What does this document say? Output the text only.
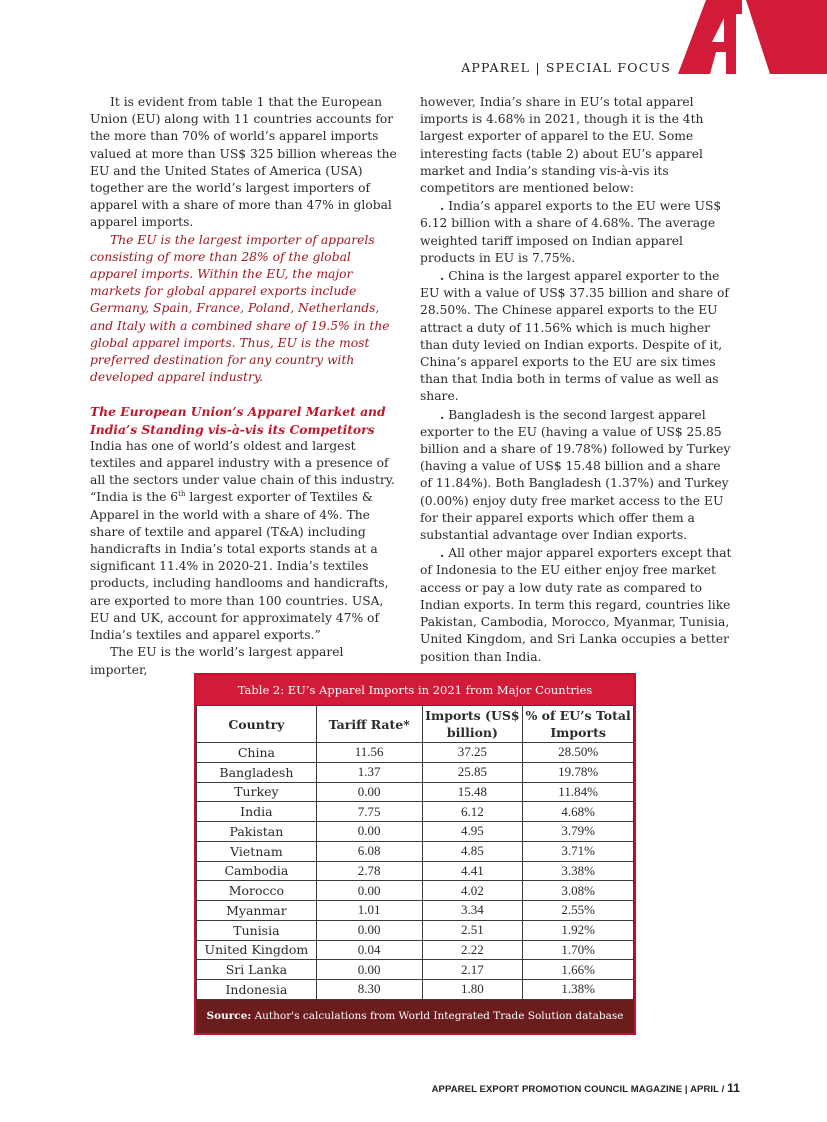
APPAREL | SPECIAL FOCUS

It is evident from table 1 that the European Union (EU) along with 11 countries accounts for the more than 70% of world’s apparel imports valued at more than US$ 325 billion whereas the EU and the United States of America (USA) together are the world’s largest importers of apparel with a share of more than 47% in global apparel imports.

The EU is the largest importer of apparels consisting of more than 28% of the global apparel imports. Within the EU, the major markets for global apparel exports include Germany, Spain, France, Poland, Netherlands, and Italy with a combined share of 19.5% in the global apparel imports. Thus, EU is the most preferred destination for any country with developed apparel industry.

The European Union’s Apparel Market and India’s Standing vis-à-vis its Competitors

India has one of world’s oldest and largest textiles and apparel industry with a presence of all the sectors under value chain of this industry. “India is the 6th largest exporter of Textiles & Apparel in the world with a share of 4%. The share of textile and apparel (T&A) including handicrafts in India’s total exports stands at a significant 11.4% in 2020-21. India’s textiles products, including handlooms and handicrafts, are exported to more than 100 countries. USA, EU and UK, account for approximately 47% of India’s textiles and apparel exports.”

The EU is the world’s largest apparel importer,

however, India’s share in EU’s total apparel imports is 4.68% in 2021, though it is the 4th largest exporter of apparel to the EU. Some interesting facts (table 2) about EU’s apparel market and India’s standing vis-à-vis its competitors are mentioned below:

. India’s apparel exports to the EU were US$ 6.12 billion with a share of 4.68%. The average weighted tariff imposed on Indian apparel products in EU is 7.75%.

. China is the largest apparel exporter to the EU with a value of US$ 37.35 billion and share of 28.50%. The Chinese apparel exports to the EU attract a duty of 11.56% which is much higher than duty levied on Indian exports. Despite of it, China’s apparel exports to the EU are six times than that India both in terms of value as well as share.

. Bangladesh is the second largest apparel exporter to the EU (having a value of US$ 25.85 billion and a share of 19.78%) followed by Turkey (having a value of US$ 15.48 billion and a share of 11.84%). Both Bangladesh (1.37%) and Turkey (0.00%) enjoy duty free market access to the EU for their apparel exports which offer them a substantial advantage over Indian exports.

. All other major apparel exporters except that of Indonesia to the EU either enjoy free market access or pay a low duty rate as compared to Indian exports. In term this regard, countries like Pakistan, Cambodia, Morocco, Myanmar, Tunisia, United Kingdom, and Sri Lanka occupies a better position than India.

Table 2: EU’s Apparel Imports in 2021 from Major Countries
Country	Tariff Rate*	Imports (US$ billion)	% of EU’s Total Imports
China	11.56	37.25	28.50%
Bangladesh	1.37	25.85	19.78%
Turkey	0.00	15.48	11.84%
India	7.75	6.12	4.68%
Pakistan	0.00	4.95	3.79%
Vietnam	6.08	4.85	3.71%
Cambodia	2.78	4.41	3.38%
Morocco	0.00	4.02	3.08%
Myanmar	1.01	3.34	2.55%
Tunisia	0.00	2.51	1.92%
United Kingdom	0.04	2.22	1.70%
Sri Lanka	0.00	2.17	1.66%
Indonesia	8.30	1.80	1.38%
Source: Author's calculations from World Integrated Trade Solution database
APPAREL EXPORT PROMOTION COUNCIL MAGAZINE | APRIL / 11
